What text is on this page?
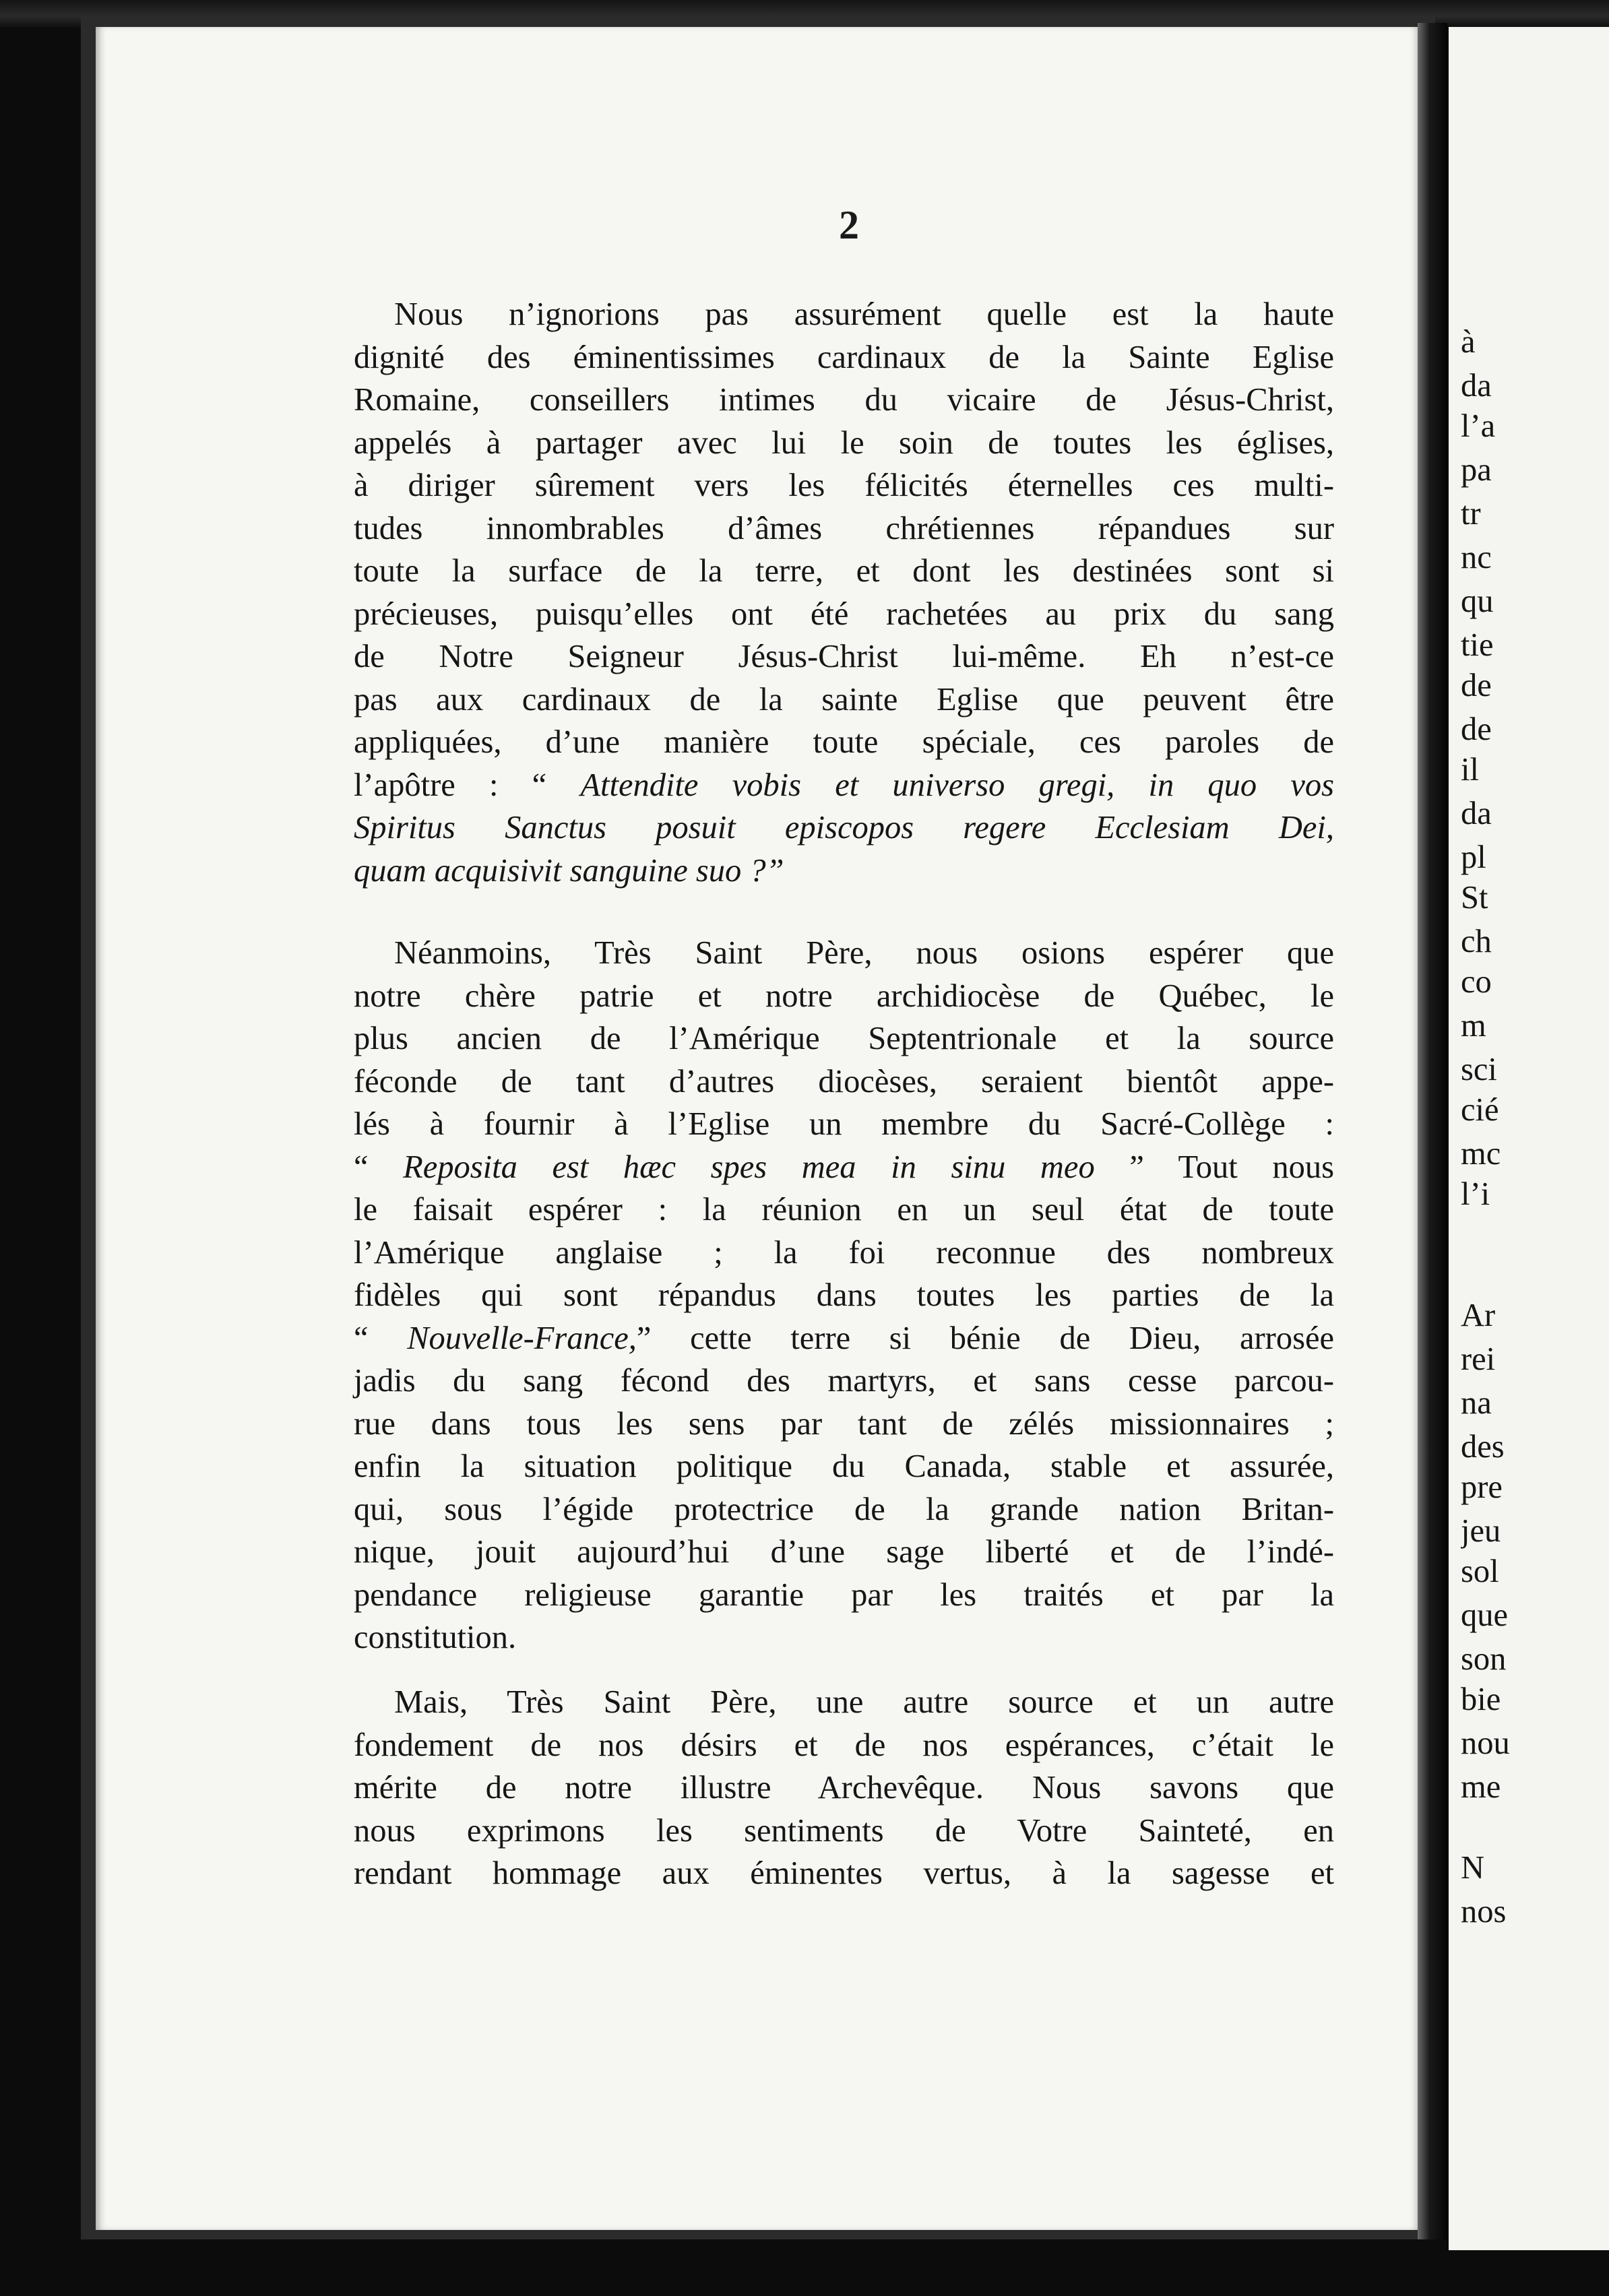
2
Nous n’ignorions pas assurément quelle est la haute
dignité des éminentissimes cardinaux de la Sainte Eglise
Romaine, conseillers intimes du vicaire de Jésus-Christ,
appelés à partager avec lui le soin de toutes les églises,
à diriger sûrement vers les félicités éternelles ces multi-
tudes innombrables d’âmes chrétiennes répandues sur
toute la surface de la terre, et dont les destinées sont si
précieuses, puisqu’elles ont été rachetées au prix du sang
de Notre Seigneur Jésus-Christ lui-même. Eh n’est-ce
pas aux cardinaux de la sainte Eglise que peuvent être
appliquées, d’une manière toute spéciale, ces paroles de
l’apôtre : “ Attendite vobis et universo gregi, in quo vos
Spiritus Sanctus posuit episcopos regere Ecclesiam Dei,
quam acquisivit sanguine suo ?”
Néanmoins, Très Saint Père, nous osions espérer que
notre chère patrie et notre archidiocèse de Québec, le
plus ancien de l’Amérique Septentrionale et la source
féconde de tant d’autres diocèses, seraient bientôt appe-
lés à fournir à l’Eglise un membre du Sacré-Collège :
“ Reposita est hæc spes mea in sinu meo ” Tout nous
le faisait espérer : la réunion en un seul état de toute
l’Amérique anglaise ; la foi reconnue des nombreux
fidèles qui sont répandus dans toutes les parties de la
“ Nouvelle-France,” cette terre si bénie de Dieu, arrosée
jadis du sang fécond des martyrs, et sans cesse parcou-
rue dans tous les sens par tant de zélés missionnaires ;
enfin la situation politique du Canada, stable et assurée,
qui, sous l’égide protectrice de la grande nation Britan-
nique, jouit aujourd’hui d’une sage liberté et de l’indé-
pendance religieuse garantie par les traités et par la
constitution.
Mais, Très Saint Père, une autre source et un autre
fondement de nos désirs et de nos espérances, c’était le
mérite de notre illustre Archevêque. Nous savons que
nous exprimons les sentiments de Votre Sainteté, en
rendant hommage aux éminentes vertus, à la sagesse et
à
da
l’a
pa
tr
nc
qu
tie
de
de
il
da
pl
St
ch
co
m
sci
cié
mc
l’i
Ar
rei
na
des
pre
jeu
sol
que
son
bie
nou
me
N
nos
